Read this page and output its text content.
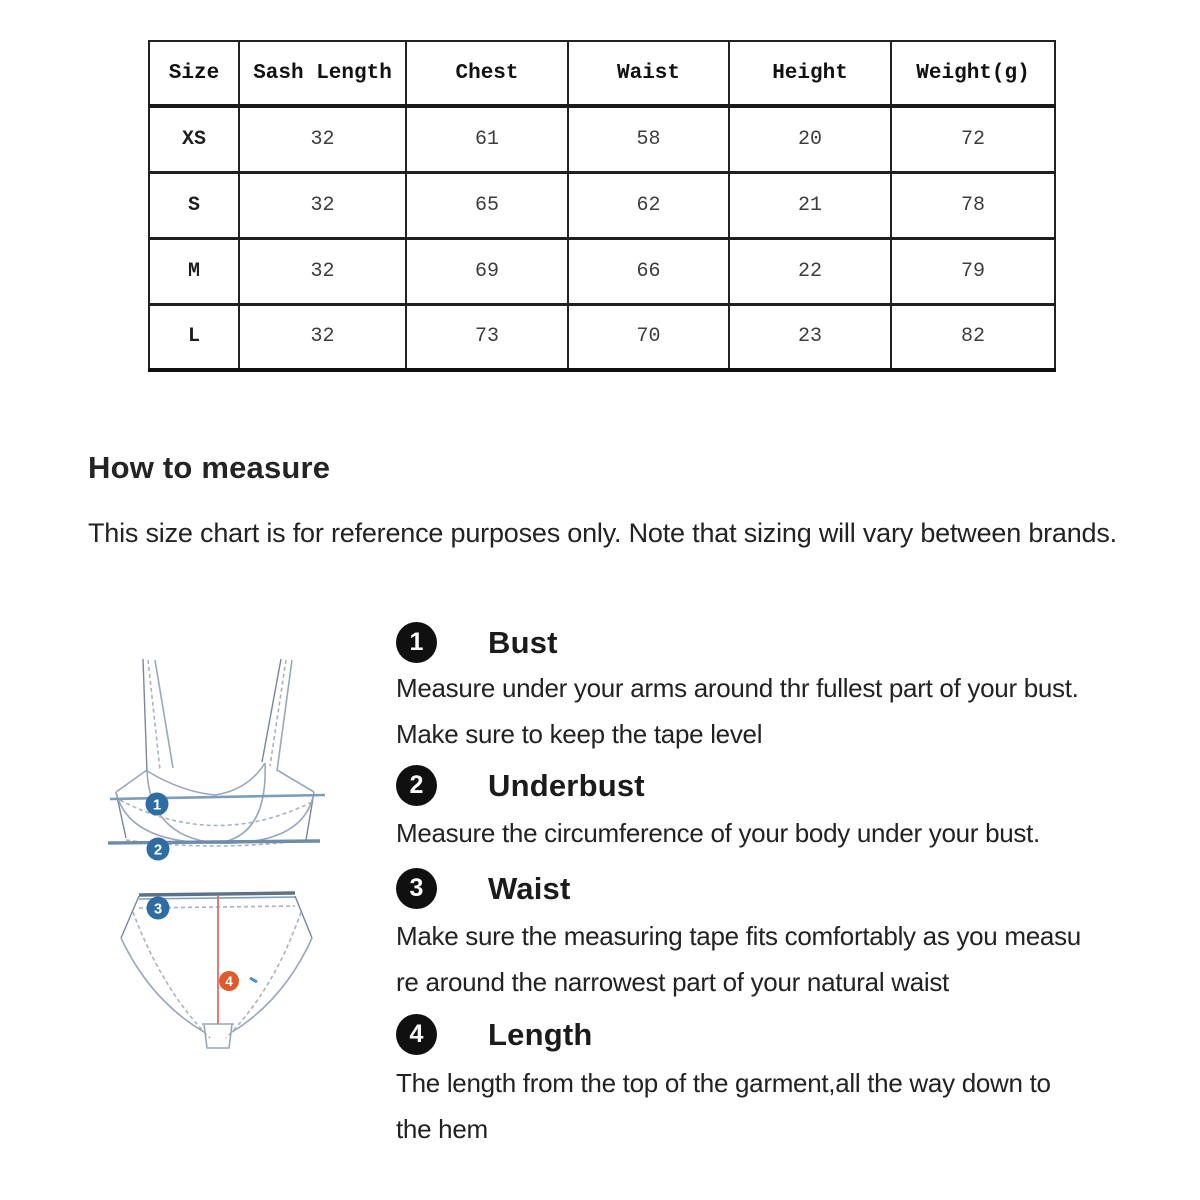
Size	Sash Length	Chest	Waist	Height	Weight(g)
XS	32	61	58	20	72
S	32	65	62	21	78
M	32	69	66	22	79
L	32	73	70	23	82
How to measure
This size chart is for reference purposes only. Note that sizing will vary between brands.
1
2
3
4
1	Bust
Measure under your arms around thr fullest part of your bust.
Make sure to keep the tape level
2	Underbust
Measure the circumference of your body under your bust.
3	Waist
Make sure the measuring tape fits comfortably as you measu
re around the narrowest part of your natural waist
4	Length
The length from the top of the garment,all the way down to
the hem
